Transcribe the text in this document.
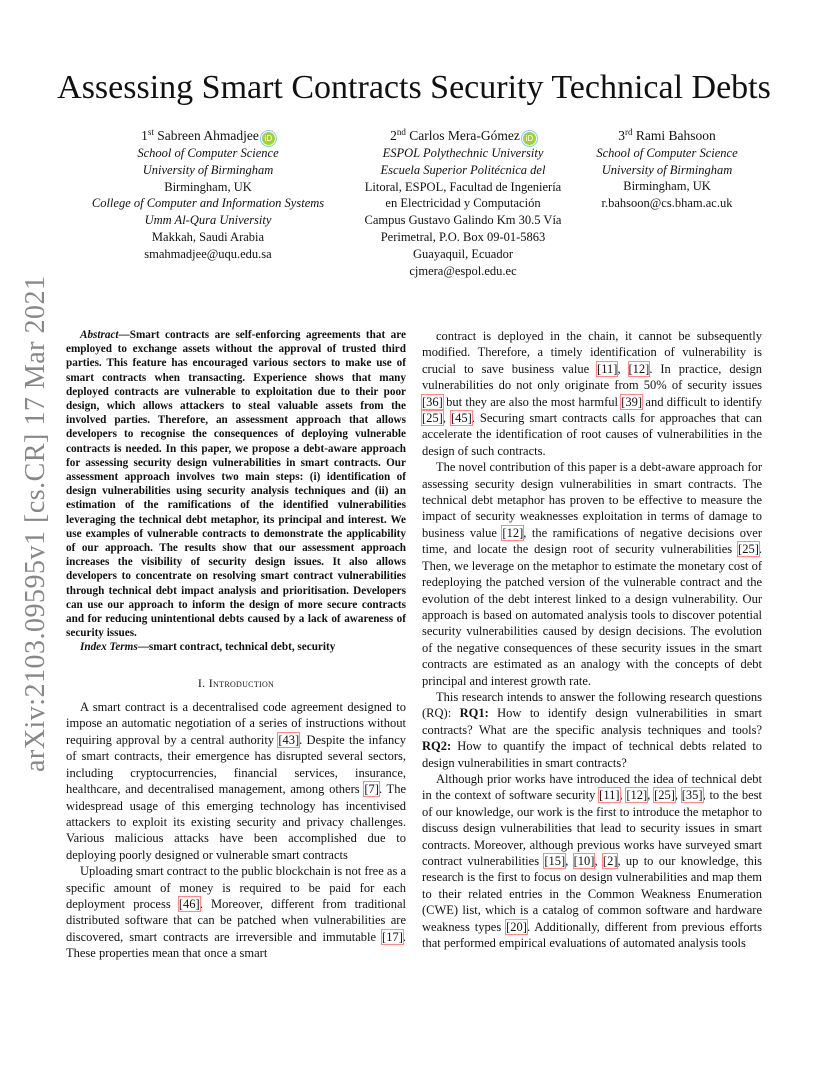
arXiv:2103.09595v1 [cs.CR] 17 Mar 2021
Assessing Smart Contracts Security Technical Debts
1st Sabreen Ahmadjee iD
School of Computer Science
University of Birmingham
Birmingham, UK
College of Computer and Information Systems
Umm Al-Qura University
Makkah, Saudi Arabia
smahmadjee@uqu.edu.sa
2nd Carlos Mera-Gómez iD
ESPOL Polythechnic University
Escuela Superior Politécnica del
Litoral, ESPOL, Facultad de Ingeniería
en Electricidad y Computación
Campus Gustavo Galindo Km 30.5 Vía
Perimetral, P.O. Box 09-01-5863
Guayaquil, Ecuador
cjmera@espol.edu.ec
3rd Rami Bahsoon
School of Computer Science
University of Birmingham
Birmingham, UK
r.bahsoon@cs.bham.ac.uk

Abstract—Smart contracts are self-enforcing agreements that are employed to exchange assets without the approval of trusted third parties. This feature has encouraged various sectors to make use of smart contracts when transacting. Experience shows that many deployed contracts are vulnerable to exploitation due to their poor design, which allows attackers to steal valuable assets from the involved parties. Therefore, an assessment approach that allows developers to recognise the consequences of deploying vulnerable contracts is needed. In this paper, we propose a debt-aware approach for assessing security design vulnerabilities in smart contracts. Our assessment approach involves two main steps: (i) identification of design vulnerabilities using security analysis techniques and (ii) an estimation of the ramifications of the identified vulnerabilities leveraging the technical debt metaphor, its principal and interest. We use examples of vulnerable contracts to demonstrate the applicability of our approach. The results show that our assessment approach increases the visibility of security design issues. It also allows developers to concentrate on resolving smart contract vulnerabilities through technical debt impact analysis and prioritisation. Developers can use our approach to inform the design of more secure contracts and for reducing unintentional debts caused by a lack of awareness of security issues.

Index Terms—smart contract, technical debt, security

I. Introduction

A smart contract is a decentralised code agreement designed to impose an automatic negotiation of a series of instructions without requiring approval by a central authority [43]. Despite the infancy of smart contracts, their emergence has disrupted several sectors, including cryptocurrencies, financial services, insurance, healthcare, and decentralised management, among others [7]. The widespread usage of this emerging technology has incentivised attackers to exploit its existing security and privacy challenges. Various malicious attacks have been accomplished due to deploying poorly designed or vulnerable smart contracts

Uploading smart contract to the public blockchain is not free as a specific amount of money is required to be paid for each deployment process [46]. Moreover, different from traditional distributed software that can be patched when vulnerabilities are discovered, smart contracts are irreversible and immutable [17]. These properties mean that once a smart

contract is deployed in the chain, it cannot be subsequently modified. Therefore, a timely identification of vulnerability is crucial to save business value [11], [12]. In practice, design vulnerabilities do not only originate from 50% of security issues [36] but they are also the most harmful [39] and difficult to identify [25], [45]. Securing smart contracts calls for approaches that can accelerate the identification of root causes of vulnerabilities in the design of such contracts.

The novel contribution of this paper is a debt-aware approach for assessing security design vulnerabilities in smart contracts. The technical debt metaphor has proven to be effective to measure the impact of security weaknesses exploitation in terms of damage to business value [12], the ramifications of negative decisions over time, and locate the design root of security vulnerabilities [25]. Then, we leverage on the metaphor to estimate the monetary cost of redeploying the patched version of the vulnerable contract and the evolution of the debt interest linked to a design vulnerability. Our approach is based on automated analysis tools to discover potential security vulnerabilities caused by design decisions. The evolution of the negative consequences of these security issues in the smart contracts are estimated as an analogy with the concepts of debt principal and interest growth rate.

This research intends to answer the following research questions (RQ): RQ1: How to identify design vulnerabilities in smart contracts? What are the specific analysis techniques and tools? RQ2: How to quantify the impact of technical debts related to design vulnerabilities in smart contracts?

Although prior works have introduced the idea of technical debt in the context of software security [11], [12], [25], [35], to the best of our knowledge, our work is the first to introduce the metaphor to discuss design vulnerabilities that lead to security issues in smart contracts. Moreover, although previous works have surveyed smart contract vulnerabilities [15], [10], [2], up to our knowledge, this research is the first to focus on design vulnerabilities and map them to their related entries in the Common Weakness Enumeration (CWE) list, which is a catalog of common software and hardware weakness types [20]. Additionally, different from previous efforts that performed empirical evaluations of automated analysis tools
